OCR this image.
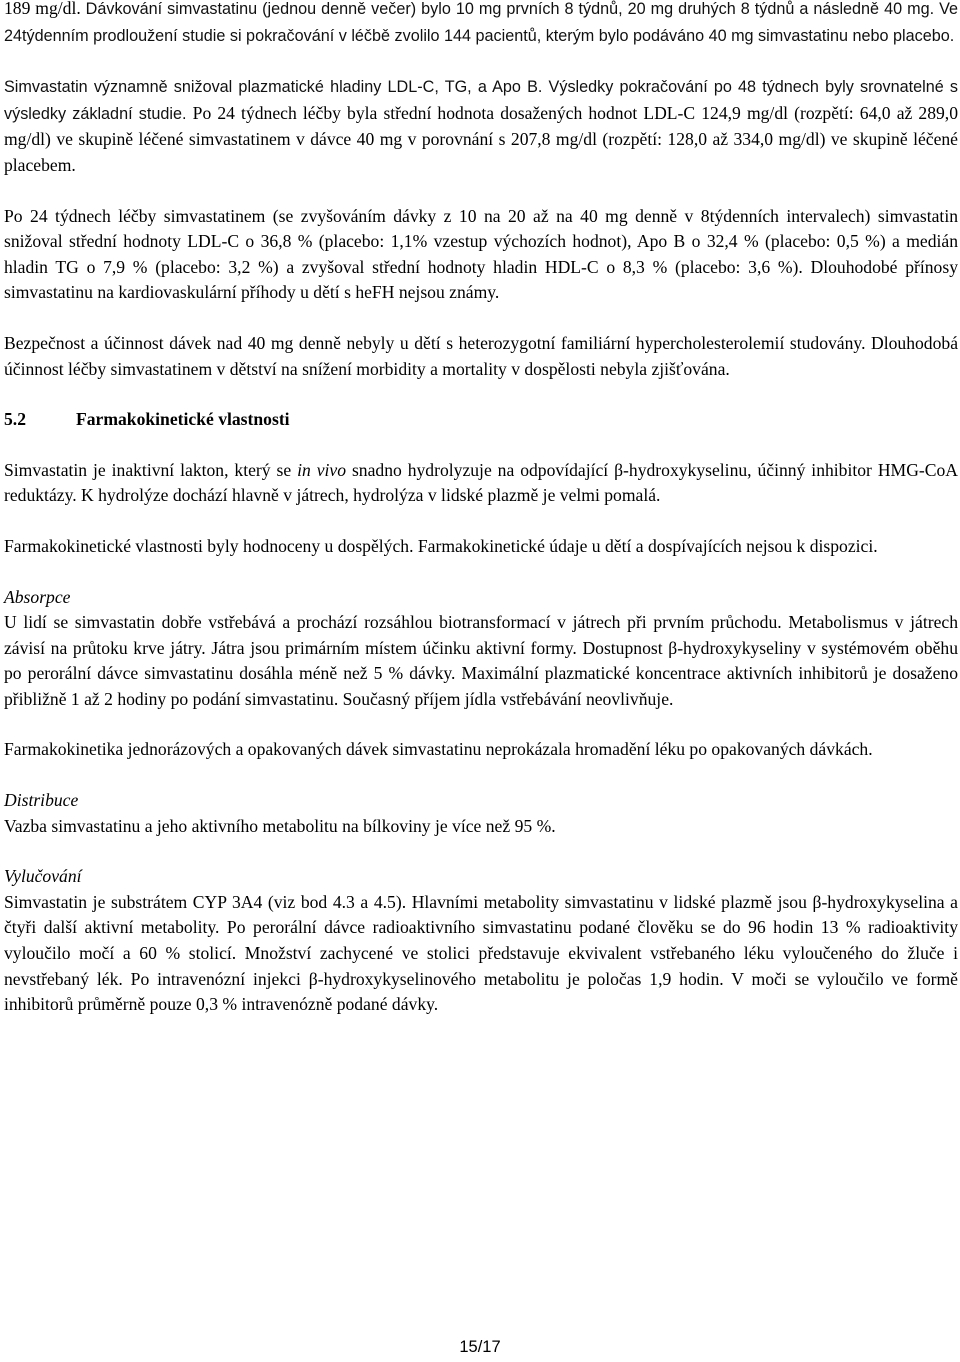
189 mg/dl. Dávkování simvastatinu (jednou denně večer) bylo 10 mg prvních 8 týdnů, 20 mg druhých 8 týdnů a následně 40 mg. Ve 24týdenním prodloužení studie si pokračování v léčbě zvolilo 144 pacientů, kterým bylo podáváno 40 mg simvastatinu nebo placebo.

Simvastatin významně snižoval plazmatické hladiny LDL-C, TG, a Apo B. Výsledky pokračování po 48 týdnech byly srovnatelné s výsledky základní studie. Po 24 týdnech léčby byla střední hodnota dosažených hodnot LDL-C 124,9 mg/dl (rozpětí: 64,0 až 289,0 mg/dl) ve skupině léčené simvastatinem v dávce 40 mg v porovnání s 207,8 mg/dl (rozpětí: 128,0 až 334,0 mg/dl) ve skupině léčené placebem.

Po 24 týdnech léčby simvastatinem (se zvyšováním dávky z 10 na 20 až na 40 mg denně v 8týdenních intervalech) simvastatin snižoval střední hodnoty LDL-C o 36,8 % (placebo: 1,1% vzestup výchozích hodnot), Apo B o 32,4 % (placebo: 0,5 %) a medián hladin TG o 7,9 % (placebo: 3,2 %) a zvyšoval střední hodnoty hladin HDL-C o 8,3 % (placebo: 3,6 %). Dlouhodobé přínosy simvastatinu na kardiovaskulární příhody u dětí s heFH nejsou známy.

Bezpečnost a účinnost dávek nad 40 mg denně nebyly u dětí s heterozygotní familiární hypercholesterolemií studovány. Dlouhodobá účinnost léčby simvastatinem v dětství na snížení morbidity a mortality v dospělosti nebyla zjišťována.

5.2	Farmakokinetické vlastnosti

Simvastatin je inaktivní lakton, který se in vivo snadno hydrolyzuje na odpovídající β-hydroxykyselinu, účinný inhibitor HMG-CoA reduktázy. K hydrolýze dochází hlavně v játrech, hydrolýza v lidské plazmě je velmi pomalá.

Farmakokinetické vlastnosti byly hodnoceny u dospělých. Farmakokinetické údaje u dětí a dospívajících nejsou k dispozici.

Absorpce
U lidí se simvastatin dobře vstřebává a prochází rozsáhlou biotransformací v játrech při prvním průchodu. Metabolismus v játrech závisí na průtoku krve játry. Játra jsou primárním místem účinku aktivní formy. Dostupnost β-hydroxykyseliny v systémovém oběhu po perorální dávce simvastatinu dosáhla méně než 5 % dávky. Maximální plazmatické koncentrace aktivních inhibitorů je dosaženo přibližně 1 až 2 hodiny po podání simvastatinu. Současný příjem jídla vstřebávání neovlivňuje.

Farmakokinetika jednorázových a opakovaných dávek simvastatinu neprokázala hromadění léku po opakovaných dávkách.

Distribuce
Vazba simvastatinu a jeho aktivního metabolitu na bílkoviny je více než 95 %.

Vylučování
Simvastatin je substrátem CYP 3A4 (viz bod 4.3 a 4.5). Hlavními metabolity simvastatinu v lidské plazmě jsou β-hydroxykyselina a čtyři další aktivní metabolity. Po perorální dávce radioaktivního simvastatinu podané člověku se do 96 hodin 13 % radioaktivity vyloučilo močí a 60 % stolicí. Množství zachycené ve stolici představuje ekvivalent vstřebaného léku vyloučeného do žluče i nevstřebaný lék. Po intravenózní injekci β-hydroxykyselinového metabolitu je poločas 1,9 hodin. V moči se vyloučilo ve formě inhibitorů průměrně pouze 0,3 % intravenózně podané dávky.

15/17
